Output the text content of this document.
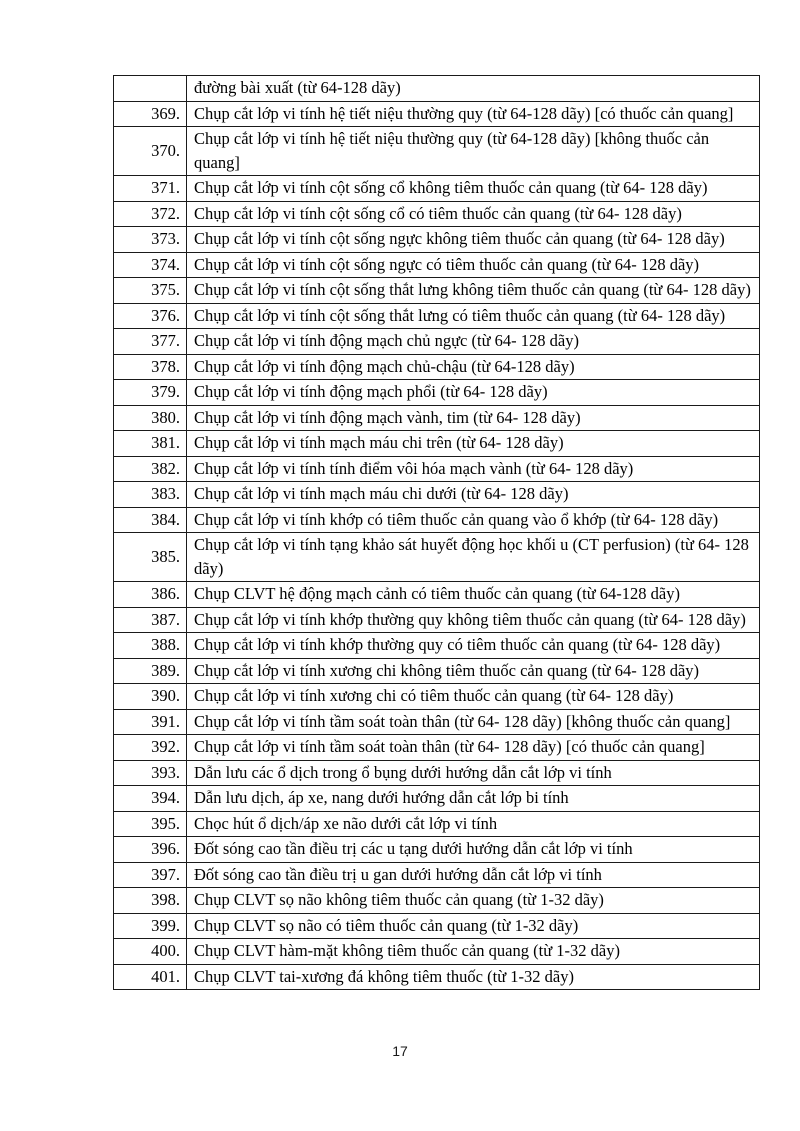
	đường bài xuất (từ 64-128 dãy)
369.	Chụp cắt lớp vi tính hệ tiết niệu thường quy (từ 64-128 dãy) [có thuốc cản quang]
370.	Chụp cắt lớp vi tính hệ tiết niệu thường quy (từ 64-128 dãy) [không thuốc cản quang]
371.	Chụp cắt lớp vi tính cột sống cổ không tiêm thuốc cản quang (từ 64- 128 dãy)
372.	Chụp cắt lớp vi tính cột sống cổ có tiêm thuốc cản quang (từ 64- 128 dãy)
373.	Chụp cắt lớp vi tính cột sống ngực không tiêm thuốc cản quang (từ 64- 128 dãy)
374.	Chụp cắt lớp vi tính cột sống ngực có tiêm thuốc cản quang (từ 64- 128 dãy)
375.	Chụp cắt lớp vi tính cột sống thắt lưng không tiêm thuốc cản quang (từ 64- 128 dãy)
376.	Chụp cắt lớp vi tính cột sống thắt lưng có tiêm thuốc cản quang (từ 64- 128 dãy)
377.	Chụp cắt lớp vi tính động mạch chủ ngực (từ 64- 128 dãy)
378.	Chụp cắt lớp vi tính động mạch chủ-chậu (từ 64-128 dãy)
379.	Chụp cắt lớp vi tính động mạch phổi (từ 64- 128 dãy)
380.	Chụp cắt lớp vi tính động mạch vành, tim (từ 64- 128 dãy)
381.	Chụp cắt lớp vi tính mạch máu chi trên (từ 64- 128 dãy)
382.	Chụp cắt lớp vi tính tính điểm vôi hóa mạch vành (từ 64- 128 dãy)
383.	Chụp cắt lớp vi tính mạch máu chi dưới (từ 64- 128 dãy)
384.	Chụp cắt lớp vi tính khớp có tiêm thuốc cản quang vào ổ khớp (từ 64- 128 dãy)
385.	Chụp cắt lớp vi tính tạng khảo sát huyết động học khối u (CT perfusion) (từ 64- 128 dãy)
386.	Chụp CLVT hệ động mạch cảnh có tiêm thuốc cản quang (từ 64-128 dãy)
387.	Chụp cắt lớp vi tính khớp thường quy không tiêm thuốc cản quang (từ 64- 128 dãy)
388.	Chụp cắt lớp vi tính khớp thường quy có tiêm thuốc cản quang (từ 64- 128 dãy)
389.	Chụp cắt lớp vi tính xương chi không tiêm thuốc cản quang (từ 64- 128 dãy)
390.	Chụp cắt lớp vi tính xương chi có tiêm thuốc cản quang (từ 64- 128 dãy)
391.	Chụp cắt lớp vi tính tầm soát toàn thân (từ 64- 128 dãy) [không thuốc cản quang]
392.	Chụp cắt lớp vi tính tầm soát toàn thân (từ 64- 128 dãy) [có thuốc cản quang]
393.	Dẫn lưu các ổ dịch trong ổ bụng dưới hướng dẫn cắt lớp vi tính
394.	Dẫn lưu dịch, áp xe, nang dưới hướng dẫn cắt lớp bi tính
395.	Chọc hút ổ dịch/áp xe não dưới cắt lớp vi tính
396.	Đốt sóng cao tần điều trị các u tạng dưới hướng dẫn cắt lớp vi tính
397.	Đốt sóng cao tần điều trị u gan dưới hướng dẫn cắt lớp vi tính
398.	Chụp CLVT sọ não không tiêm thuốc cản quang (từ 1-32 dãy)
399.	Chụp CLVT sọ não có tiêm thuốc cản quang (từ 1-32 dãy)
400.	Chụp CLVT hàm-mặt không tiêm thuốc cản quang (từ 1-32 dãy)
401.	Chụp CLVT tai-xương đá không tiêm thuốc (từ 1-32 dãy)
17
